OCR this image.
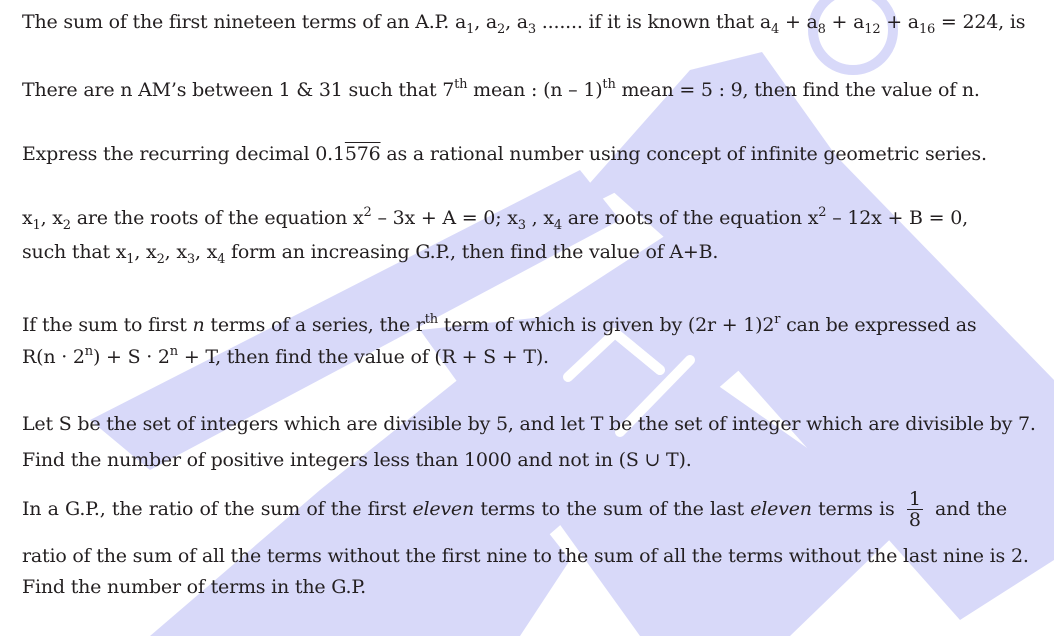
The sum of the first nineteen terms of an A.P. $a_1$, $a_2$, $a_3$ ....... if it is known that $a_4 + a_8 + a_{12} + a_{16} = 224$, is
There are n AM’s between 1 & 31 such that 7th mean : (n – 1)$^{th}$ mean = 5 : 9, then find the value of n.
Express the recurring decimal 0.1576 as a rational number using concept of infinite geometric series.
$x_1$, $x_2$ are the roots of the equation $x^2 - 3x + A = 0$; $x_3$ , $x_4$ are roots of the equation $x^2 - 12x + B = 0$,
such that $x_1$, $x_2$, $x_3$, $x_4$ form an increasing G.P., then find the value of A+B.
If the sum to first n terms of a series, the $r^{th}$ term of which is given by $(2r + 1)2^r$ can be expressed as
$R(n \cdot 2^n) + S \cdot 2^n + T$, then find the value of (R + S + T).
Let S be the set of integers which are divisible by 5, and let T be the set of integer which are divisible by 7.
Find the number of positive integers less than 1000 and not in (S ∪ T).
In a G.P., the ratio of the sum of the first eleven terms to the sum of the last eleven terms is $\frac{1}{8}$ and the
ratio of the sum of all the terms without the first nine to the sum of all the terms without the last nine is 2.
Find the number of terms in the G.P.
